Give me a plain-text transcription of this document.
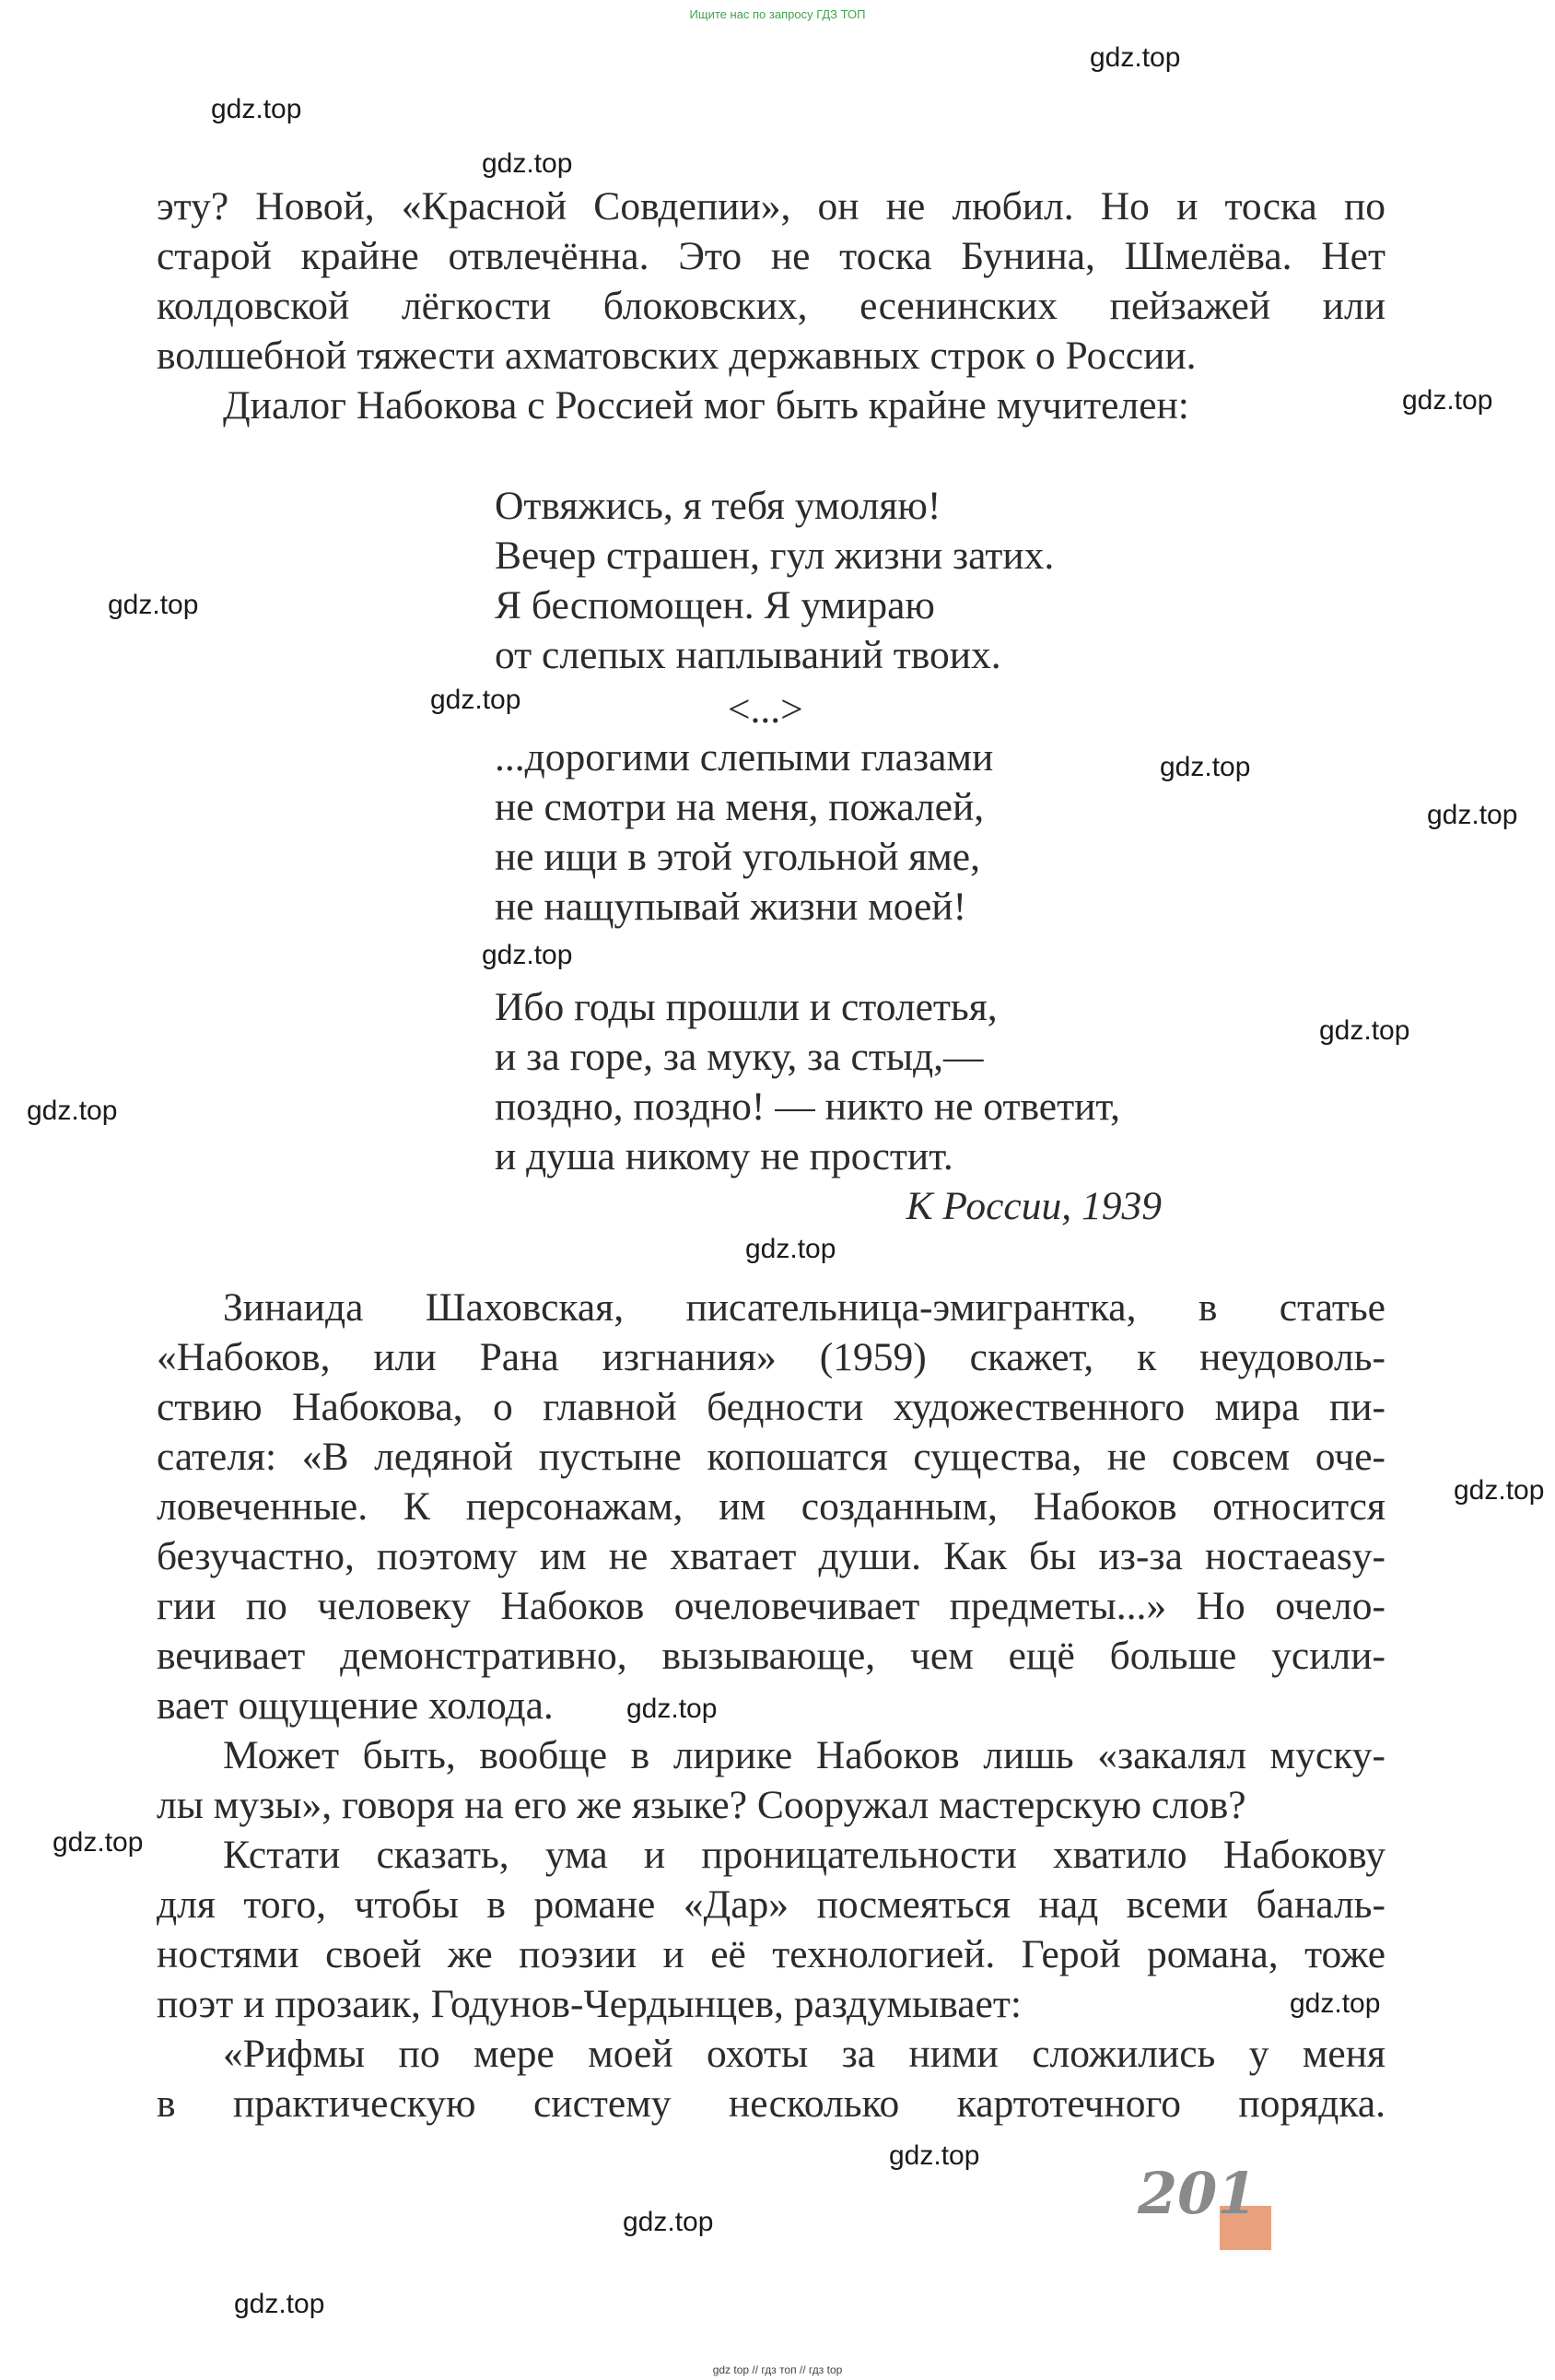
Ищите нас по запросу ГДЗ ТОП
эту? Новой, «Красной Совдепии», он не любил. Но и тоска по
старой крайне отвлечённа. Это не тоска Бунина, Шмелёва. Нет
колдовской лёгкости блоковских, есенинских пейзажей или
волшебной тяжести ахматовских державных строк о России.
Диалог Набокова с Россией мог быть крайне мучителен:
Отвяжись, я тебя умоляю!
Вечер страшен, гул жизни затих.
Я беспомощен. Я умираю
от слепых наплываний твоих.
<...>
...дорогими слепыми глазами
не смотри на меня, пожалей,
не ищи в этой угольной яме,
не нащупывай жизни моей!
Ибо годы прошли и столетья,
и за горе, за муку, за стыд,—
поздно, поздно! — никто не ответит,
и душа никому не простит.
К России, 1939
Зинаида Шаховская, писательница-эмигрантка, в статье
«Набоков, или Рана изгнания» (1959) скажет, к неудоволь-
ствию Набокова, о главной бедности художественного мира пи-
сателя: «В ледяной пустыне копошатся существа, не совсем оче-
ловеченные. К персонажам, им созданным, Набоков относится
безучастно, поэтому им не хватает души. Как бы из-за ностаeasy-
гии по человеку Набоков очеловечивает предметы...» Но очело-
вечивает демонстративно, вызывающе, чем ещё больше усили-
вает ощущение холода.
Может быть, вообще в лирике Набоков лишь «закалял муску-
лы музы», говоря на его же языке? Сооружал мастерскую слов?
Кстати сказать, ума и проницательности хватило Набокову
для того, чтобы в романе «Дар» посмеяться над всеми баналь-
ностями своей же поэзии и её технологией. Герой романа, тоже
поэт и прозаик, Годунов-Чердынцев, раздумывает:
«Рифмы по мере моей охоты за ними сложились у меня
в практическую систему несколько картотечного порядка.
201
gdz.top
gdz.top
gdz.top
gdz.top
gdz.top
gdz.top
gdz.top
gdz.top
gdz.top
gdz.top
gdz.top
gdz.top
gdz.top
gdz.top
gdz.top
gdz.top
gdz.top
gdz.top
gdz.top
gdz top // гдз топ // гдз top
